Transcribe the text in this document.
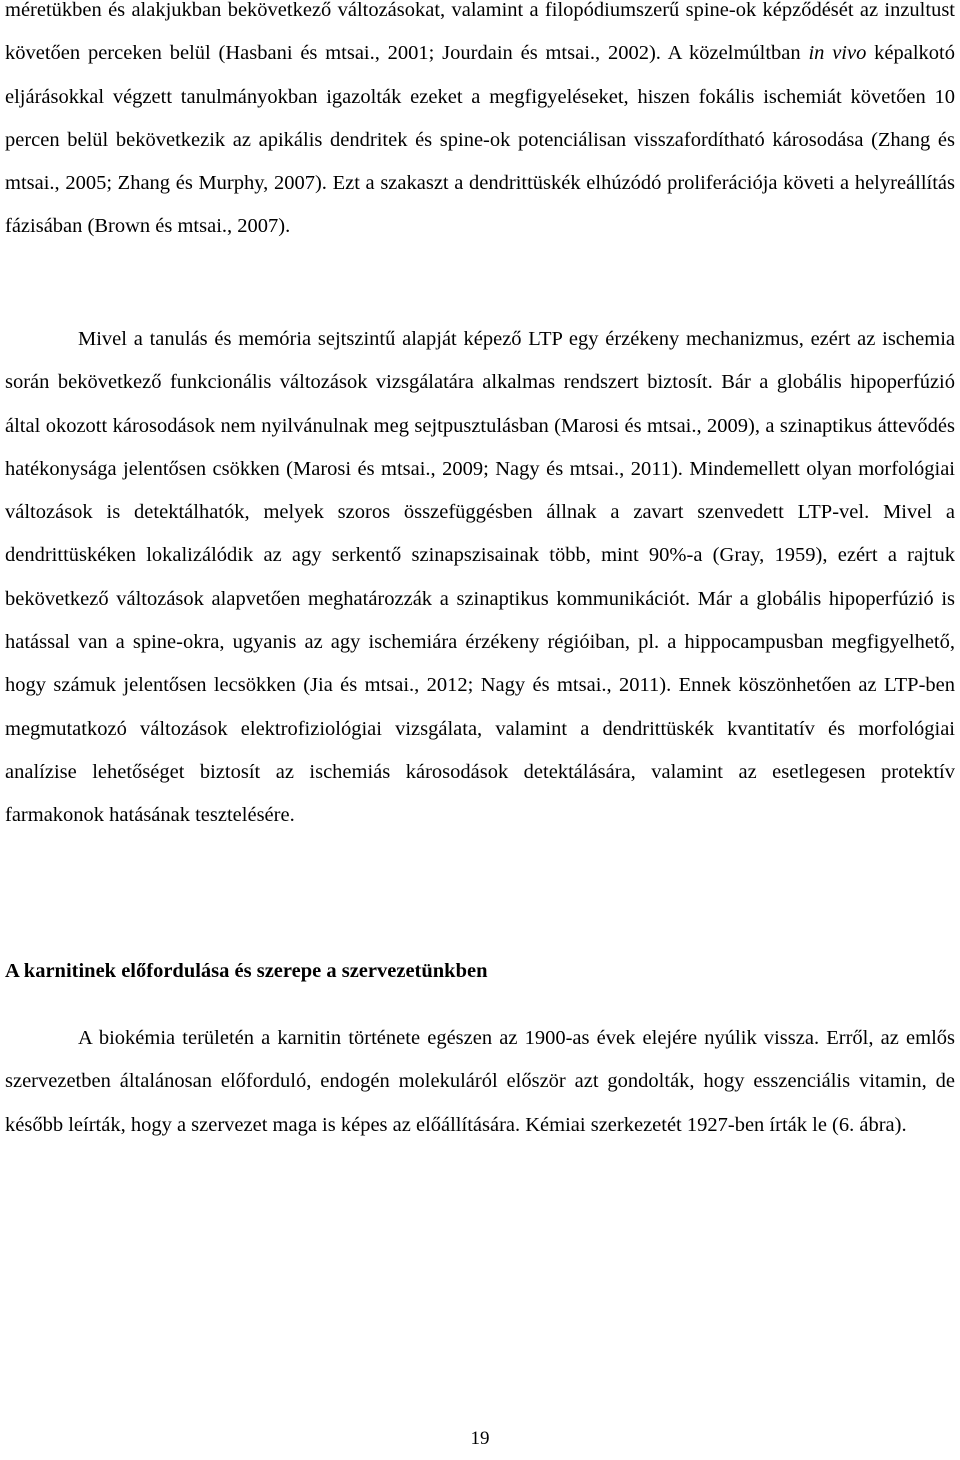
méretükben és alakjukban bekövetkező változásokat, valamint a filopódiumszerű spine-ok képződését az inzultust követően perceken belül (Hasbani és mtsai., 2001; Jourdain és mtsai., 2002). A közelmúltban in vivo képalkotó eljárásokkal végzett tanulmányokban igazolták ezeket a megfigyeléseket, hiszen fokális ischemiát követően 10 percen belül bekövetkezik az apikális dendritek és spine-ok potenciálisan visszafordítható károsodása (Zhang és mtsai., 2005; Zhang és Murphy, 2007). Ezt a szakaszt a dendrittüskék elhúzódó proliferációja követi a helyreállítás fázisában (Brown és mtsai., 2007).

Mivel a tanulás és memória sejtszintű alapját képező LTP egy érzékeny mechanizmus, ezért az ischemia során bekövetkező funkcionális változások vizsgálatára alkalmas rendszert biztosít. Bár a globális hipoperfúzió által okozott károsodások nem nyilvánulnak meg sejtpusztulásban (Marosi és mtsai., 2009), a szinaptikus áttevődés hatékonysága jelentősen csökken (Marosi és mtsai., 2009; Nagy és mtsai., 2011). Mindemellett olyan morfológiai változások is detektálhatók, melyek szoros összefüggésben állnak a zavart szenvedett LTP-vel. Mivel a dendrittüskéken lokalizálódik az agy serkentő szinapszisainak több, mint 90%-a (Gray, 1959), ezért a rajtuk bekövetkező változások alapvetően meghatározzák a szinaptikus kommunikációt. Már a globális hipoperfúzió is hatással van a spine-okra, ugyanis az agy ischemiára érzékeny régióiban, pl. a hippocampusban megfigyelhető, hogy számuk jelentősen lecsökken (Jia és mtsai., 2012; Nagy és mtsai., 2011). Ennek köszönhetően az LTP-ben megmutatkozó változások elektrofiziológiai vizsgálata, valamint a dendrittüskék kvantitatív és morfológiai analízise lehetőséget biztosít az ischemiás károsodások detektálására, valamint az esetlegesen protektív farmakonok hatásának tesztelésére.

A karnitinek előfordulása és szerepe a szervezetünkben

A biokémia területén a karnitin története egészen az 1900-as évek elejére nyúlik vissza. Erről, az emlős szervezetben általánosan előforduló, endogén molekuláról először azt gondolták, hogy esszenciális vitamin, de később leírták, hogy a szervezet maga is képes az előállítására. Kémiai szerkezetét 1927-ben írták le (6. ábra).

19
